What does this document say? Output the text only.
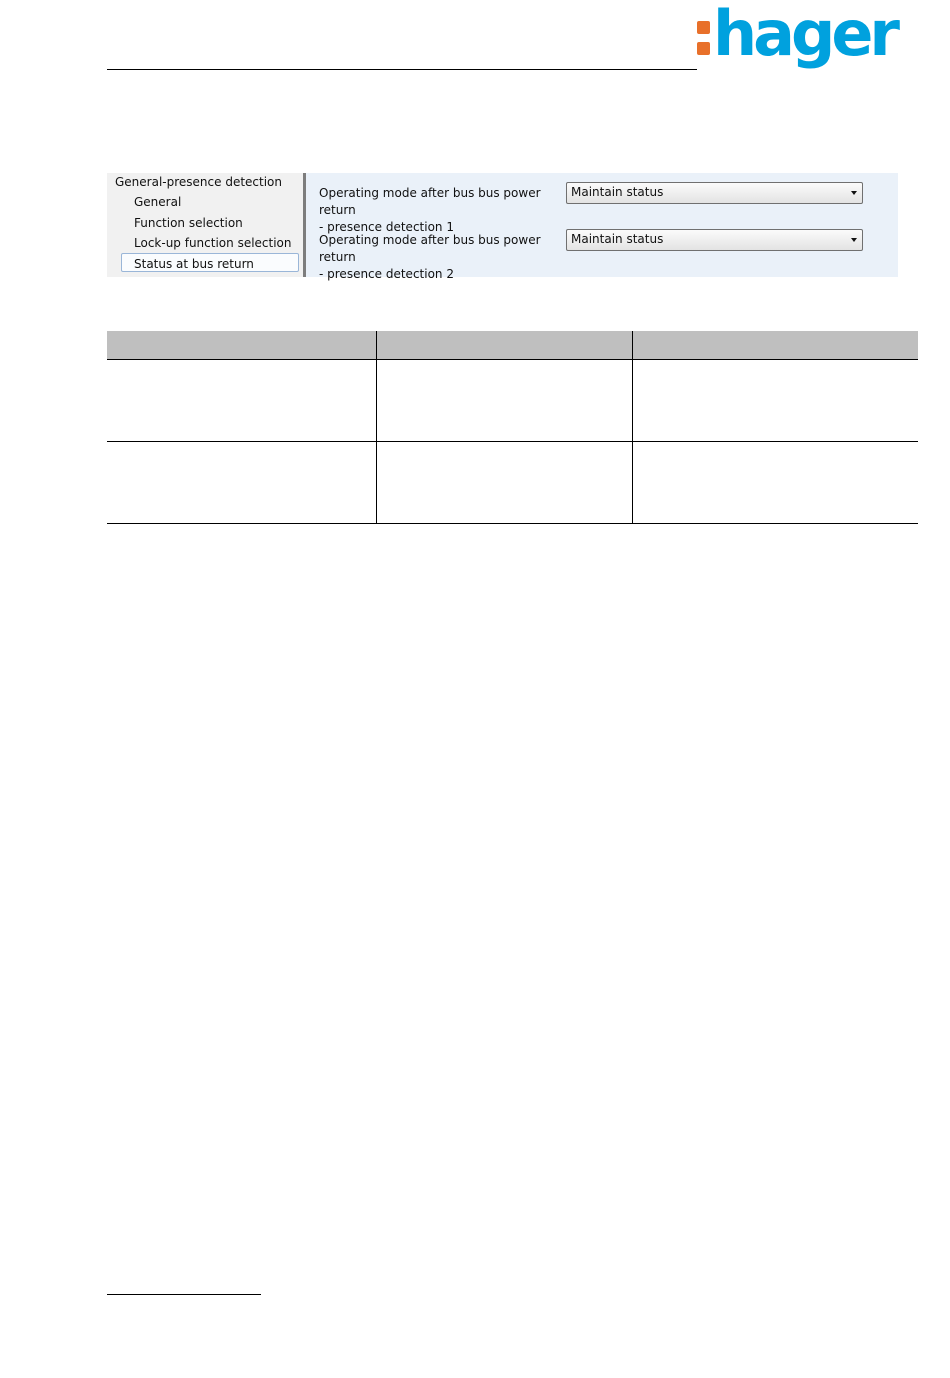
hager
General-presence detection
General
Function selection
Lock-up function selection
Status at bus return
Operating mode after bus bus power return
- presence detection 1
Maintain status
Operating mode after bus bus power return
- presence detection 2
Maintain status
